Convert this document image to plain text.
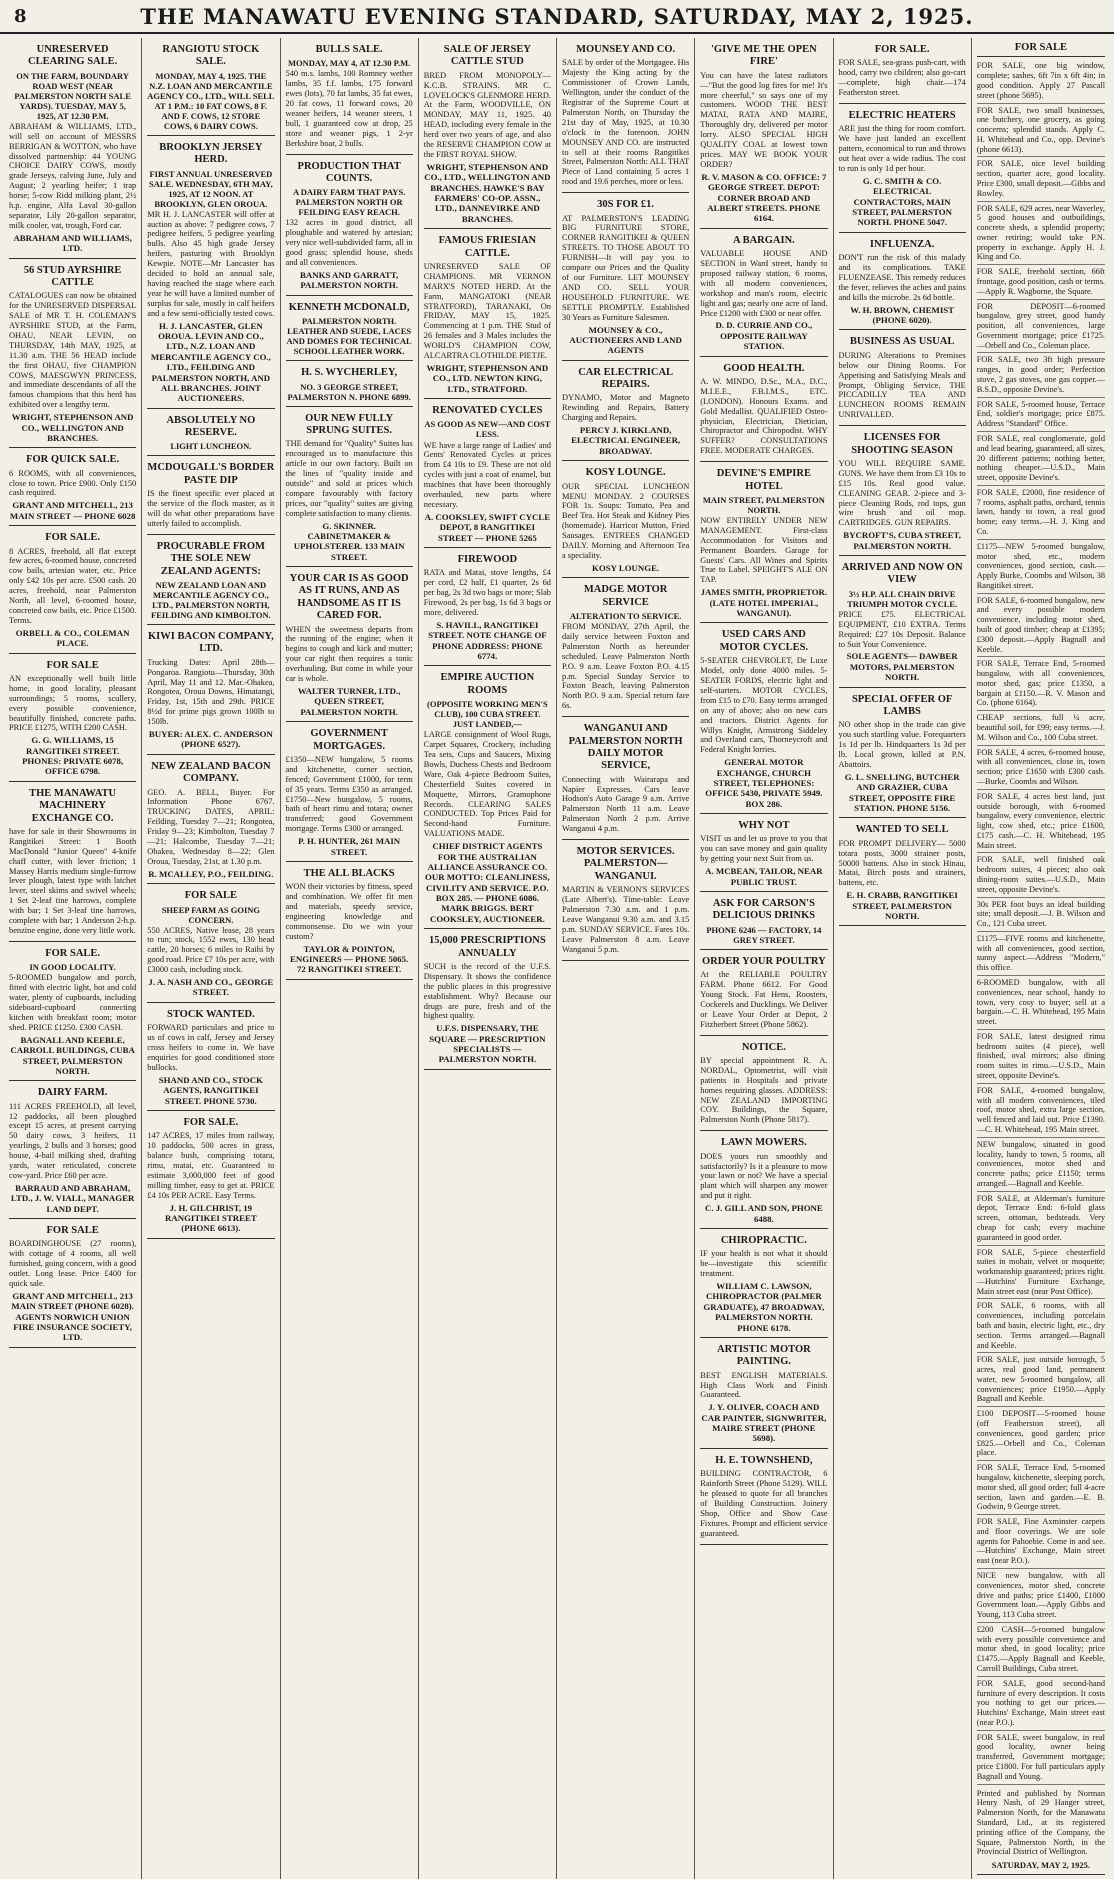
8	THE MANAWATU EVENING STANDARD, SATURDAY, MAY 2, 1925.
UNRESERVED CLEARING SALE.
ON THE FARM, BOUNDARY ROAD WEST (NEAR PALMERSTON NORTH SALE YARDS). TUESDAY, MAY 5, 1925, AT 12.30 P.M.

ABRAHAM & WILLIAMS, LTD., will sell on account of MESSRS BERRIGAN & WOTTON, who have dissolved partnership: 44 YOUNG CHOICE DAIRY COWS, mostly grade Jerseys, calving June, July and August; 2 yearling heifer; 1 trap horse; 5-cow Ridd milking plant, 2½ h.p. engine, Alfa Laval 30-gallon separator, Lily 20-gallon separator, milk cooler, vat, trough, Ford car.

ABRAHAM AND WILLIAMS, LTD.
56 STUD AYRSHIRE CATTLE

CATALOGUES can now be obtained for the UNRESERVED DISPERSAL SALE of MR T. H. COLEMAN'S AYRSHIRE STUD, at the Farm, OHAU, NEAR LEVIN, on THURSDAY, 14th MAY, 1925, at 11.30 a.m. THE 56 HEAD include the first OHAU, five CHAMPION COWS, MAESGWYN PRINCESS, and immediate descendants of all the famous champions that this herd has exhibited over a lengthy term.

WRIGHT, STEPHENSON AND CO., WELLINGTON AND BRANCHES.
FOR QUICK SALE.

6 ROOMS, with all conveniences, close to town. Price £900. Only £150 cash required.

GRANT AND MITCHELL, 213 MAIN STREET — PHONE 6028
FOR SALE.

8 ACRES, freehold, all flat except few acres, 6-roomed house, concreted cow bails, artesian water, etc. Price only £42 10s per acre. £500 cash. 20 acres, freehold, near Palmerston North, all level, 6-roomed house, concreted cow bails, etc. Price £1500. Terms.

ORBELL & CO., COLEMAN PLACE.
FOR SALE

AN exceptionally well built little home, in good locality, pleasant surroundings; 5 rooms, scullery, every possible convenience, beautifully finished, concrete paths. PRICE £1275, WITH £200 CASH.

G. G. WILLIAMS, 15 RANGITIKEI STREET. PHONES: PRIVATE 6078, OFFICE 6798.
THE MANAWATU MACHINERY EXCHANGE CO.

have for sale in their Showrooms in Rangitikei Street: 1 Booth MacDonald "Junior Queen" 4-knife chaff cutter, with lever friction; 1 Massey Harris medium single-furrow lever plough, latest type with latchet lever, steel skims and swivel wheels; 1 Set 2-leaf tine harrows, complete with bar; 1 Set 3-leaf tine harrows, complete with bar; 1 Anderson 2-h.p. benzine engine, done very little work.

FOR SALE.
IN GOOD LOCALITY.

5-ROOMED bungalow and porch, fitted with electric light, hot and cold water, plenty of cupboards, including sideboard-cupboard connecting kitchen with breakfast room; motor shed. PRICE £1250. £300 CASH.

BAGNALL AND KEEBLE, CARROLL BUILDINGS, CUBA STREET, PALMERSTON NORTH.
DAIRY FARM.

111 ACRES FREEHOLD, all level, 12 paddocks, all been ploughed except 15 acres, at present carrying 50 dairy cows, 3 heifers, 11 yearlings, 2 bulls and 3 horses; good house, 4-bail milking shed, drafting yards, water reticulated, concrete cow-yard. Price £60 per acre.

BARRAUD AND ABRAHAM, LTD., J. W. VIALL, MANAGER LAND DEPT.
FOR SALE

BOARDINGHOUSE (27 rooms), with cottage of 4 rooms, all well furnished, going concern, with a good outlet. Long lease. Price £400 for quick sale.

GRANT AND MITCHELL, 213 MAIN STREET (PHONE 6028). AGENTS NORWICH UNION FIRE INSURANCE SOCIETY, LTD.
RANGIOTU STOCK SALE.
MONDAY, MAY 4, 1925. THE N.Z. LOAN AND MERCANTILE AGENCY CO., LTD., WILL SELL AT 1 P.M.: 10 FAT COWS, 8 F. AND F. COWS, 12 STORE COWS, 6 DAIRY COWS.
BROOKLYN JERSEY HERD.
FIRST ANNUAL UNRESERVED SALE. WEDNESDAY, 6TH MAY, 1925, AT 12 NOON. AT BROOKLYN, GLEN OROUA.

MR H. J. LANCASTER will offer at auction as above: 7 pedigree cows, 7 pedigree heifers, 5 pedigree yearling bulls. Also 45 high grade Jersey heifers, pasturing with Brooklyn Kewpie. NOTE—Mr Lancaster has decided to hold an annual sale, having reached the stage where each year he will have a limited number of surplus for sale, mostly in calf heifers and a few semi-officially tested cows.

H. J. LANCASTER, GLEN OROUA. LEVIN AND CO., LTD., N.Z. LOAN AND MERCANTILE AGENCY CO., LTD., FEILDING AND PALMERSTON NORTH, AND ALL BRANCHES. JOINT AUCTIONEERS.
ABSOLUTELY NO RESERVE.
LIGHT LUNCHEON.
MCDOUGALL'S BORDER PASTE DIP

IS the finest specific ever placed at the service of the flock master, as it will do what other preparations have utterly failed to accomplish.

PROCURABLE FROM THE SOLE NEW ZEALAND AGENTS:
NEW ZEALAND LOAN AND MERCANTILE AGENCY CO., LTD., PALMERSTON NORTH, FEILDING AND KIMBOLTON.
KIWI BACON COMPANY, LTD.

Trucking Dates: April 28th—Pongaroa. Rangiotu—Thursday, 30th April, May 11 and 12. Mar.-Ohakea, Rongotea, Oroua Downs, Himatangi, Friday, 1st, 15th and 29th. PRICE 8½d for prime pigs grown 100lb to 150lb.

BUYER: ALEX. C. ANDERSON (PHONE 6527).
NEW ZEALAND BACON COMPANY.

GEO. A. BELL, Buyer. For Information Phone 6767. TRUCKING DATES, APRIL: Feilding, Tuesday 7—21; Rongotea, Friday 9—23; Kimbolton, Tuesday 7—21; Halcombe, Tuesday 7—21; Ohakea, Wednesday 8—22; Glen Oroua, Tuesday, 21st, at 1.30 p.m.

R. MCALLEY, P.O., FEILDING.
FOR SALE
SHEEP FARM AS GOING CONCERN.

550 ACRES, Native lease, 28 years to run; stock, 1552 ewes, 130 head cattle, 20 horses; 6 miles to Raihi by good road. Price £7 10s per acre, with £3000 cash, including stock.

J. A. NASH AND CO., GEORGE STREET.
STOCK WANTED.

FORWARD particulars and price to us of cows in calf, Jersey and Jersey cross heifers to come in. We have enquiries for good conditioned store bullocks.

SHAND AND CO., STOCK AGENTS, RANGITIKEI STREET. PHONE 5730.
FOR SALE.

147 ACRES, 17 miles from railway, 10 paddocks, 500 acres in grass, balance bush, comprising totara, rimu, matai, etc. Guaranteed to estimate 3,000,000 feet of good milling timber, easy to get at. PRICE £4 10s PER ACRE. Easy Terms.

J. H. GILCHRIST, 19 RANGITIKEI STREET (PHONE 6613).
BULLS SALE.
MONDAY, MAY 4, AT 12.30 P.M.

540 m.s. lambs, 100 Romney wether lambs, 35 f.f. lambs, 175 forward ewes (lots), 70 fat lambs, 35 fat ewes, 20 fat cows, 11 forward cows, 20 weaner heifers, 14 weaner steers, 1 bull, 1 guaranteed cow at drop, 25 store and weaner pigs, 1 2-yr Berkshire boar, 2 bulls.

PRODUCTION THAT COUNTS.
A DAIRY FARM THAT PAYS. PALMERSTON NORTH OR FEILDING EASY REACH.

132 acres in good district, all ploughable and watered by artesian; very nice well-subdivided farm, all in good grass; splendid house, sheds and all conveniences.

BANKS AND GARRATT, PALMERSTON NORTH.
KENNETH MCDONALD,
PALMERSTON NORTH. LEATHER AND SUEDE, LACES AND DOMES FOR TECHNICAL SCHOOL LEATHER WORK.
H. S. WYCHERLEY,
NO. 3 GEORGE STREET, PALMERSTON N. PHONE 6899.
OUR NEW FULLY SPRUNG SUITES.

THE demand for "Quality" Suites has encouraged us to manufacture this article in our own factory. Built on the lines of "quality inside and outside" and sold at prices which compare favourably with factory prices, our "quality" suites are giving complete satisfaction to many clients.

G. SKINNER. CABINETMAKER & UPHOLSTERER. 133 MAIN STREET.
YOUR CAR IS AS GOOD AS IT RUNS, AND AS HANDSOME AS IT IS CARED FOR.

WHEN the sweetness departs from the running of the engine; when it begins to cough and kick and mutter; your car right then requires a tonic overhauling. But come in while your car is whole.

WALTER TURNER, LTD., QUEEN STREET, PALMERSTON NORTH.
GOVERNMENT MORTGAGES.

£1350—NEW bungalow, 5 rooms and kitchenette, corner section, fenced; Government £1000, for term of 35 years. Terms £350 as arranged. £1750—New bungalow, 5 rooms, bath of heart rimu and totara; owner transferred; good Government mortgage. Terms £300 or arranged.

P. H. HUNTER, 261 MAIN STREET.
THE ALL BLACKS

WON their victories by fitness, speed and combination. We offer fit men and materials, speedy service, engineering knowledge and commonsense. Do we win your custom?

TAYLOR & POINTON, ENGINEERS — PHONE 5065. 72 RANGITIKEI STREET.
SALE OF JERSEY CATTLE STUD

BRED FROM MONOPOLY—K.C.B. STRAINS. MR C. LOVELOCK'S GLENMORE HERD. At the Farm, WOODVILLE, ON MONDAY, MAY 11, 1925. 40 HEAD, including every female in the herd over two years of age, and also the RESERVE CHAMPION COW at the FIRST ROYAL SHOW.

WRIGHT, STEPHENSON AND CO., LTD., WELLINGTON AND BRANCHES. HAWKE'S BAY FARMERS' CO-OP. ASSN., LTD., DANNEVIRKE AND BRANCHES.
FAMOUS FRIESIAN CATTLE.

UNRESERVED SALE OF CHAMPIONS. MR VERNON MARX'S NOTED HERD. At the Farm, MANGATOKI (NEAR STRATFORD), TARANAKI, On FRIDAY, MAY 15, 1925. Commencing at 1 p.m. THE Stud of 26 females and 3 Males includes the WORLD'S CHAMPION COW, ALCARTRA CLOTHILDE PIETJE.

WRIGHT, STEPHENSON AND CO., LTD. NEWTON KING, LTD., STRATFORD.
RENOVATED CYCLES
AS GOOD AS NEW—AND COST LESS.

WE have a large range of Ladies' and Gents' Renovated Cycles at prices from £4 10s to £9. These are not old cycles with just a coat of enamel, but machines that have been thoroughly overhauled, new parts where necessary.

A. COOKSLEY, SWIFT CYCLE DEPOT, 8 RANGITIKEI STREET — PHONE 5265
FIREWOOD

RATA and Matai, stove lengths, £4 per cord, £2 half, £1 quarter, 2s 6d per bag, 2s 3d two bags or more; Slab Firewood, 2s per bag, 1s 6d 3 bags or more, delivered.

S. HAVILL, RANGITIKEI STREET. NOTE CHANGE OF PHONE ADDRESS: PHONE 6774.
EMPIRE AUCTION ROOMS
(OPPOSITE WORKING MEN'S CLUB), 100 CUBA STREET. JUST LANDED,—

LARGE consignment of Wool Rugs, Carpet Squares, Crockery, including Tea sets, Cups and Saucers, Mixing Bowls, Duchess Chests and Bedroom Ware, Oak 4-piece Bedroom Suites, Chesterfield Suites covered in Moquette, Mirrors, Gramophone Records. CLEARING SALES CONDUCTED. Top Prices Paid for Second-hand Furniture. VALUATIONS MADE.

CHIEF DISTRICT AGENTS FOR THE AUSTRALIAN ALLIANCE ASSURANCE CO. OUR MOTTO: CLEANLINESS, CIVILITY AND SERVICE. P.O. BOX 285. — PHONE 6086. MARK BRIGGS. BERT COOKSLEY, AUCTIONEER.
15,000 PRESCRIPTIONS ANNUALLY

SUCH is the record of the U.F.S. Dispensary. It shows the confidence the public places in this progressive establishment. Why? Because our drugs are pure, fresh and of the highest quality.

U.F.S. DISPENSARY, THE SQUARE — PRESCRIPTION SPECIALISTS — PALMERSTON NORTH.
MOUNSEY AND CO.

SALE by order of the Mortgagee. His Majesty the King acting by the Commissioner of Crown Lands, Wellington, under the conduct of the Registrar of the Supreme Court at Palmerston North, on Thursday the 21st day of May, 1925, at 10.30 o'clock in the forenoon. JOHN MOUNSEY AND CO. are instructed to sell at their rooms Rangitikei Street, Palmerston North: ALL THAT Piece of Land containing 5 acres 1 rood and 19.6 perches, more or less.

30S FOR £1.

AT PALMERSTON'S LEADING BIG FURNITURE STORE, CORNER RANGITIKEI & QUEEN STREETS. TO THOSE ABOUT TO FURNISH—It will pay you to compare our Prices and the Quality of our Furniture. LET MOUNSEY AND CO. SELL YOUR HOUSEHOLD FURNITURE. WE SETTLE PROMPTLY. Established 30 Years as Furniture Salesmen.

MOUNSEY & CO., AUCTIONEERS AND LAND AGENTS
CAR ELECTRICAL REPAIRS.

DYNAMO, Motor and Magneto Rewinding and Repairs, Battery Charging and Repairs.

PERCY J. KIRKLAND, ELECTRICAL ENGINEER, BROADWAY.
KOSY LOUNGE.

OUR SPECIAL LUNCHEON MENU MONDAY. 2 COURSES FOR 1s. Soups: Tomato, Pea and Beef Tea. Hot Steak and Kidney Pies (homemade). Harricot Mutton, Fried Sausages. ENTREES CHANGED DAILY. Morning and Afternoon Tea a speciality.

KOSY LOUNGE.
MADGE MOTOR SERVICE
ALTERATION TO SERVICE.

FROM MONDAY, 27th April, the daily service between Foxton and Palmerston North as hereunder scheduled. Leave Palmerston North P.O. 9 a.m. Leave Foxton P.O. 4.15 p.m. Special Sunday Service to Foxton Beach, leaving Palmerston North P.O. 9 a.m. Special return fare 6s.

WANGANUI AND PALMERSTON NORTH DAILY MOTOR SERVICE,

Connecting with Wairarapa and Napier Expresses. Cars leave Hodson's Auto Garage 9 a.m. Arrive Palmerston North 11 a.m. Leave Palmerston North 2 p.m. Arrive Wanganui 4 p.m.

MOTOR SERVICES. PALMERSTON—WANGANUI.

MARTIN & VERNON'S SERVICES (Late Albert's). Time-table: Leave Palmerston 7.30 a.m. and 1 p.m. Leave Wanganui 9.30 a.m. and 3.15 p.m. SUNDAY SERVICE. Fares 10s. Leave Palmerston 8 a.m. Leave Wanganui 5 p.m.

'GIVE ME THE OPEN FIRE'

You can have the latest radiators —"But the good log fires for me! It's more cheerful," so says one of my customers. WOOD THE BEST MATAI, RATA AND MAIRE, Thoroughly dry, delivered per motor lorry. ALSO SPECIAL HIGH QUALITY COAL at lowest town prices. MAY WE BOOK YOUR ORDER?

R. V. MASON & CO. OFFICE: 7 GEORGE STREET. DEPOT: CORNER BROAD AND ALBERT STREETS. PHONE 6164.
A BARGAIN.

VALUABLE HOUSE AND SECTION in Ward street, handy to proposed railway station, 6 rooms, with all modern conveniences, workshop and man's room, electric light and gas; nearly one acre of land. Price £1200 with £300 or near offer.

D. D. CURRIE AND CO., OPPOSITE RAILWAY STATION.
GOOD HEALTH.

A. W. MINDO, D.Sc., M.A., D.C., M.I.E.E., F.B.I.M.S., ETC. (LONDON). Honours Exams. and Gold Medallist. QUALIFIED Osteo-physician, Electrician, Dietician, Chiropractor and Chiropodist. WHY SUFFER? CONSULTATIONS FREE. MODERATE CHARGES.

DEVINE'S EMPIRE HOTEL
MAIN STREET, PALMERSTON NORTH.

NOW ENTIRELY UNDER NEW MANAGEMENT. First-class Accommodation for Visitors and Permanent Boarders. Garage for Guests' Cars. All Wines and Spirits True to Label. SPEIGHT'S ALE ON TAP.

JAMES SMITH, PROPRIETOR. (LATE HOTEL IMPERIAL, WANGANUI).
USED CARS AND MOTOR CYCLES.

5-SEATER CHEVROLET, De Luxe Model, only done 4000 miles. 5-SEATER FORDS, electric light and self-starters. MOTOR CYCLES, from £15 to £70. Easy terms arranged on any of above; also on new cars and tractors. District Agents for Willys Knight, Armstrong Siddeley and Overland cars, Thorneycroft and Federal Knight lorries.

GENERAL MOTOR EXCHANGE, CHURCH STREET, TELEPHONES: OFFICE 5430, PRIVATE 5949. BOX 286.
WHY NOT

VISIT us and let us prove to you that you can save money and gain quality by getting your next Suit from us.

A. MCBEAN, TAILOR, NEAR PUBLIC TRUST.
ASK FOR CARSON'S DELICIOUS DRINKS
PHONE 6246 — FACTORY, 14 GREY STREET.
ORDER YOUR POULTRY

At the RELIABLE POULTRY FARM. Phone 6612. For Good Young Stock. Fat Hens, Roosters, Cockerels and Ducklings. We Deliver or Leave Your Order at Depot, 2 Fitzherbert Street (Phone 5862).

NOTICE.

BY special appointment R. A. NORDAL, Optometrist, will visit patients in Hospitals and private homes requiring glasses. ADDRESS: NEW ZEALAND IMPORTING COY. Buildings, the Square, Palmerston North (Phone 5817).

LAWN MOWERS.

DOES yours run smoothly and satisfactorily? Is it a pleasure to mow your lawn or not? We have a special plant which will sharpen any mower and put it right.

C. J. GILL AND SON, PHONE 6488.
CHIROPRACTIC.

IF your health is not what it should be—investigate this scientific treatment.

WILLIAM C. LAWSON, CHIROPRACTOR (PALMER GRADUATE), 47 BROADWAY, PALMERSTON NORTH. PHONE 6178.
ARTISTIC MOTOR PAINTING.

BEST ENGLISH MATERIALS. High Class Work and Finish Guaranteed.

J. Y. OLIVER, COACH AND CAR PAINTER, SIGNWRITER, MAIRE STREET (PHONE 5698).
H. E. TOWNSHEND,

BUILDING CONTRACTOR, 6 Rainforth Street (Phone 5129). WILL be pleased to quote for all branches of Building Construction. Joinery Shop, Office and Show Case Fixtures. Prompt and efficient service guaranteed.

FOR SALE.

FOR SALE, sea-grass push-cart, with hood, carry two children; also go-cart—complete, high chair.—174 Featherston street.

ELECTRIC HEATERS

ARE just the thing for room comfort. We have just landed an excellent pattern, economical to run and throws out heat over a wide radius. The cost to run is only 1d per hour.

G. C. SMITH & CO. ELECTRICAL CONTRACTORS, MAIN STREET, PALMERSTON NORTH. PHONE 5047.
INFLUENZA.

DON'T run the risk of this malady and its complications. TAKE FLUENZEASE. This remedy reduces the fever, relieves the aches and pains and kills the microbe. 2s 6d bottle.

W. H. BROWN, CHEMIST (PHONE 6020).
BUSINESS AS USUAL

DURING Alterations to Premises below our Dining Rooms. For Appetising and Satisfying Meals and Prompt, Obliging Service, THE PICCADILLY TEA AND LUNCHEON ROOMS REMAIN UNRIVALLED.

LICENSES FOR SHOOTING SEASON

YOU WILL REQUIRE SAME. GUNS. We have them from £3 10s to £15 10s. Real good value. CLEANING GEAR. 2-piece and 3-piece Cleaning Rods, rod tops, gun wire brush and oil mop. CARTRIDGES. GUN REPAIRS.

BYCROFT'S, CUBA STREET, PALMERSTON NORTH.
ARRIVED AND NOW ON VIEW
3½ H.P. ALL CHAIN DRIVE TRIUMPH MOTOR CYCLE.

PRICE £75. ELECTRICAL EQUIPMENT, £10 EXTRA. Terms Required: £27 10s Deposit. Balance to Suit Your Convenience.

SOLE AGENTS— DAWBER MOTORS, PALMERSTON NORTH.
SPECIAL OFFER OF LAMBS

NO other shop in the trade can give you such startling value. Forequarters 1s 1d per lb. Hindquarters 1s 3d per lb. Local grown, killed at P.N. Abattoirs.

G. L. SNELLING, BUTCHER AND GRAZIER, CUBA STREET, OPPOSITE FIRE STATION. PHONE 5156.
WANTED TO SELL

FOR PROMPT DELIVERY— 5000 totara posts, 3000 strainer posts, 50000 battens. Also in stock Hinau, Matai, Birch posts and strainers, battens, etc.

E. H. CRABB, RANGITIKEI STREET, PALMERSTON NORTH.
FOR SALE

FOR SALE, one big window, complete; sashes, 6ft 7in x 6ft 4in; in good condition. Apply 27 Pascall street (phone 5695).

FOR SALE, two small businesses, one butchery, one grocery, as going concerns; splendid stands. Apply C. H. Whitehead and Co., opp. Devine's (phone 6613).

FOR SALE, nice level building section, quarter acre, good locality. Price £300, small deposit.—Gibbs and Rowley.

FOR SALE, 629 acres, near Waverley, 5 good houses and outbuildings, concrete sheds, a splendid property; owner retiring; would take P.N. property in exchange. Apply H. J. King and Co.

FOR SALE, freehold section, 66ft frontage, good position, cash or terms.—Apply R. Wagborne, the Square.

FOR DEPOSIT—6-roomed bungalow, grey street, good handy position, all conveniences, large Government mortgage; price £1725.—Orbell and Co., Coleman place.

FOR SALE, two 3ft high pressure ranges, in good order; Perfection stove, 2 gas stoves, one gas copper.—B.S.D., opposite Devine's.

FOR SALE, 5-roomed house, Terrace End, soldier's mortgage; price £875. Address "Standard" Office.

FOR SALE, real conglomerate, gold and lead bearing, guaranteed, all sizes, 20 different patterns; nothing better, nothing cheaper.—U.S.D., Main street, opposite Devine's.

FOR SALE, £2000, fine residence of 7 rooms, asphalt paths, orchard, tennis lawn, handy to town, a real good home; easy terms.—H. J. King and Co.

£1175—NEW 5-roomed bungalow, motor shed, etc., modern conveniences, good section, cash.—Apply Burke, Coombs and Wilson, 38 Rangitikei street.

FOR SALE, 6-roomed bungalow, new and every possible modern convenience, including motor shed, built of good timber; cheap at £1395; £300 deposit.—Apply Bagnall and Keeble.

FOR SALE, Terrace End, 5-roomed bungalow, with all conveniences, motor shed, gas; price £1350, a bargain at £1150.—R. V. Mason and Co. (phone 6164).

CHEAP sections, full ¼ acre, beautiful soil, for £99; easy terms.—J. M. Wilson and Co., 100 Cuba street.

FOR SALE, 4 acres, 6-roomed house, with all conveniences, close in, town section; price £1650 with £300 cash.—Burke, Coombs and Wilson.

FOR SALE, 4 acres best land, just outside borough, with 6-roomed bungalow, every convenience, electric light, cow shed, etc.; price £1600, £175 cash.—C. H. Whitehead, 195 Main street.

FOR SALE, well finished oak bedroom suites, 4 pieces; also oak dining-room suites.—U.S.D., Main street, opposite Devine's.

30s PER foot buys an ideal building site; small deposit.—J. B. Wilson and Co., 121 Cuba street.

£1175—FIVE rooms and kitchenette, with all conveniences, good section, sunny aspect.—Address "Modern," this office.

6-ROOMED bungalow, with all conveniences, near school, handy to town, very cosy to buyer; sell at a bargain.—C. H. Whitehead, 195 Main street.

FOR SALE, latest designed rimu bedroom suites (4 piece), well finished, oval mirrors; also dining room suites in rimu.—U.S.D., Main street, opposite Devine's.

FOR SALE, 4-roomed bungalow, with all modern conveniences, tiled roof, motor shed, extra large section, well fenced and laid out. Price £1390.—C. H. Whitehead, 195 Main street.

NEW bungalow, situated in good locality, handy to town, 5 rooms, all conveniences, motor shed and concrete paths; price £1150; terms arranged.—Bagnall and Keeble.

FOR SALE, at Alderman's furniture depot, Terrace End: 6-fold glass screen, ottoman, bedsteads. Very cheap for cash; every machine guaranteed in good order.

FOR SALE, 5-piece chesterfield suites in mohair, velvet or moquette; workmanship guaranteed; prices right.—Hutchins' Furniture Exchange, Main street east (near Post Office).

FOR SALE, 6 rooms, with all conveniences, including porcelain bath and basin, electric light, etc., dry section. Terms arranged.—Bagnall and Keeble.

FOR SALE, just outside borough, 5 acres, real good land, permanent water, new 5-roomed bungalow, all conveniences; price £1950.—Apply Bagnall and Keeble.

£100 DEPOSIT—5-roomed house (off Featherston street), all conveniences, good garden; price £825.—Orbell and Co., Coleman place.

FOR SALE, Terrace End, 5-roomed bungalow, kitchenette, sleeping porch, motor shed, all good order; full 4-acre section, lawn and garden.—E. B. Godwin, 9 George street.

FOR SALE, Fine Axminster carpets and floor coverings. We are sole agents for Pahoebie. Come in and see.—Hutchins' Exchange, Main street east (near P.O.).

NICE new bungalow, with all conveniences, motor shed, concrete drive and paths; price £1400, £1000 Government loan.—Apply Gibbs and Young, 113 Cuba street.

£200 CASH—5-roomed bungalow with every possible convenience and motor shed, in good locality; price £1475.—Apply Bagnall and Keeble, Carroll Buildings, Cuba street.

FOR SALE, good second-hand furniture of every description. It costs you nothing to get our prices.—Hutchins' Exchange, Main street east (near P.O.).

FOR SALE, sweet bungalow, in real good locality, owner being transferred, Government mortgage; price £1800. For full particulars apply Bagnall and Young.

Printed and published by Norman Henry Nash, of 29 Hanger street, Palmerston North, for the Manawatu Standard, Ltd., at its registered printing office of the Company, the Square, Palmerston North, in the Provincial District of Wellington.
SATURDAY, MAY 2, 1925.
